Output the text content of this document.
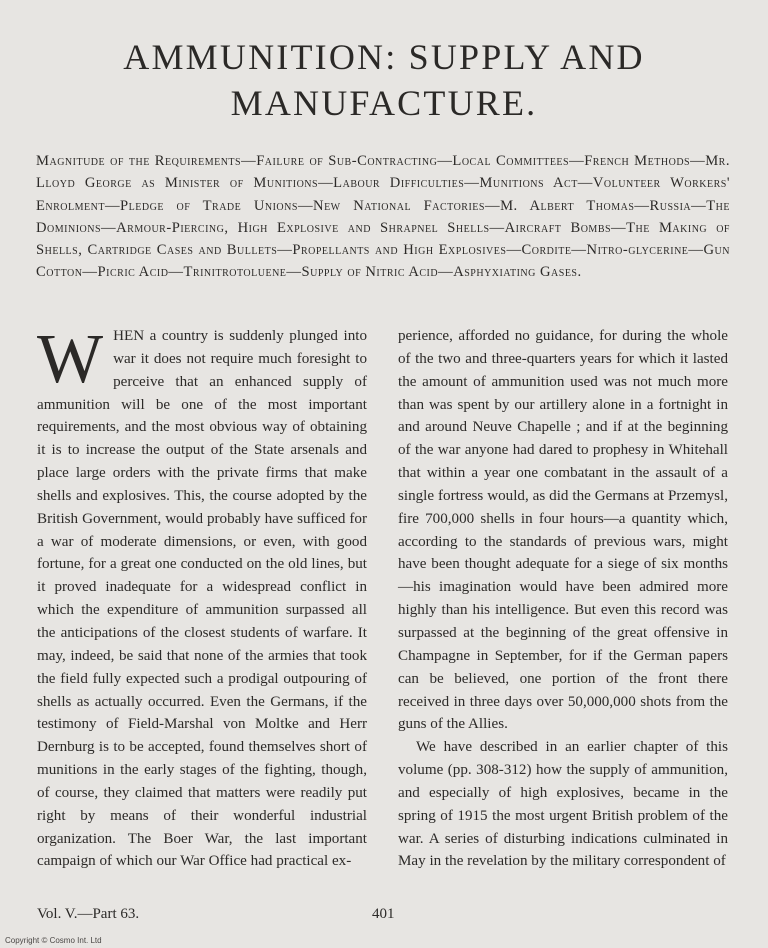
AMMUNITION: SUPPLY AND MANUFACTURE.
Magnitude of the Requirements—Failure of Sub-Contracting—Local Committees—French Methods—Mr. Lloyd George as Minister of Munitions—Labour Difficulties—Munitions Act—Volunteer Workers' Enrolment—Pledge of Trade Unions—New National Factories—M. Albert Thomas—Russia—The Dominions—Armour-Piercing, High Explosive and Shrapnel Shells—Aircraft Bombs—The Making of Shells, Cartridge Cases and Bullets—Propellants and High Explosives—Cordite—Nitro-glycerine—Gun Cotton—Picric Acid—Trinitrotoluene—Supply of Nitric Acid—Asphyxiating Gases.

WHEN a country is suddenly plunged into war it does not require much foresight to perceive that an enhanced supply of ammunition will be one of the most important requirements, and the most obvious way of obtaining it is to increase the output of the State arsenals and place large orders with the private firms that make shells and explosives. This, the course adopted by the British Government, would probably have sufficed for a war of moderate dimensions, or even, with good fortune, for a great one conducted on the old lines, but it proved inadequate for a widespread conflict in which the expenditure of ammunition surpassed all the anticipations of the closest students of warfare. It may, indeed, be said that none of the armies that took the field fully expected such a prodigal outpouring of shells as actually occurred. Even the Germans, if the testimony of Field-Marshal von Moltke and Herr Dernburg is to be accepted, found themselves short of munitions in the early stages of the fighting, though, of course, they claimed that matters were readily put right by means of their wonderful industrial organization. The Boer War, the last important campaign of which our War Office had practical ex-

perience, afforded no guidance, for during the whole of the two and three-quarters years for which it lasted the amount of ammunition used was not much more than was spent by our artillery alone in a fortnight in and around Neuve Chapelle ; and if at the beginning of the war anyone had dared to prophesy in Whitehall that within a year one combatant in the assault of a single fortress would, as did the Germans at Przemysl, fire 700,000 shells in four hours—a quantity which, according to the standards of previous wars, might have been thought adequate for a siege of six months—his imagination would have been admired more highly than his intelligence. But even this record was surpassed at the beginning of the great offensive in Champagne in September, for if the German papers can be believed, one portion of the front there received in three days over 50,000,000 shots from the guns of the Allies.

We have described in an earlier chapter of this volume (pp. 308-312) how the supply of ammunition, and especially of high explosives, became in the spring of 1915 the most urgent British problem of the war. A series of disturbing indications culminated in May in the revelation by the military correspondent of

Vol. V.—Part 63.	401
Copyright © Cosmo Int. Ltd
